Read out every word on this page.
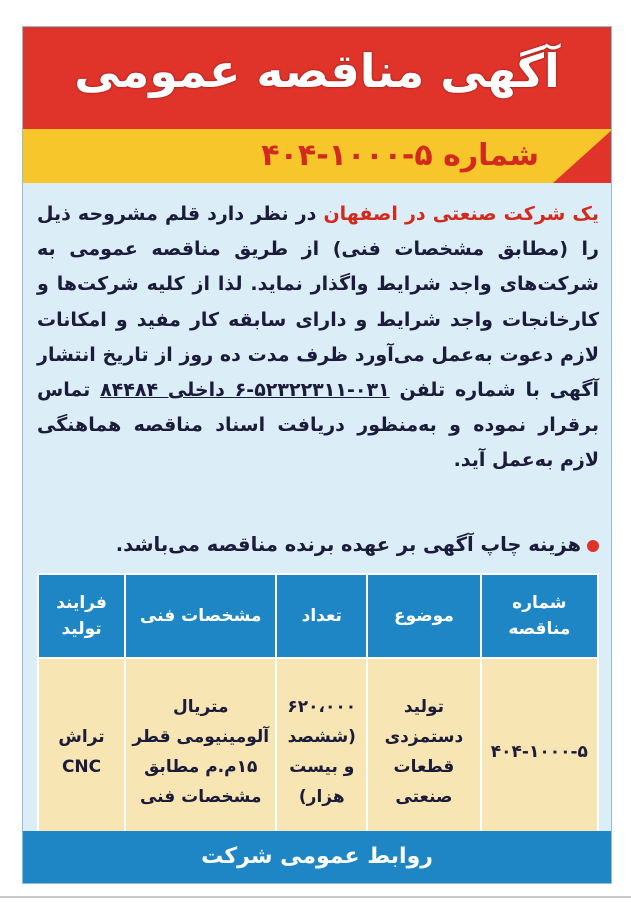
آگهی مناقصه عمومی
شماره ۵-۱۰۰۰-۴۰۴
یک شرکت صنعتی در اصفهان در نظر دارد قلم مشروحه ذیل را (مطابق مشخصات فنی) از طریق مناقصه عمومی به شرکت‌های واجد شرایط واگذار نماید. لذا از کلیه شرکت‌ها و کارخانجات واجد شرایط و دارای سابقه کار مفید و امکانات لازم دعوت به‌عمل می‌آورد ظرف مدت ده روز از تاریخ انتشار آگهی با شماره تلفن ۰۳۱-۵۲۳۲۲۳۱۱-۶ داخلی ۸۴۴۸۴ تماس برقرار نموده و به‌منظور دریافت اسناد مناقصه هماهنگی لازم به‌عمل آید.
هزینه چاپ آگهی بر عهده برنده مناقصه می‌باشد.
شماره مناقصه	موضوع	تعداد	مشخصات فنی	فرایند تولید
۴۰۴-۱۰۰۰-۵	تولید دستمزدی قطعات صنعتی	۶۲۰،۰۰۰ (ششصد و بیست هزار)	متریال آلومینیومی قطر ۱۵م.م مطابق مشخصات فنی	تراش CNC
روابط عمومی شرکت
